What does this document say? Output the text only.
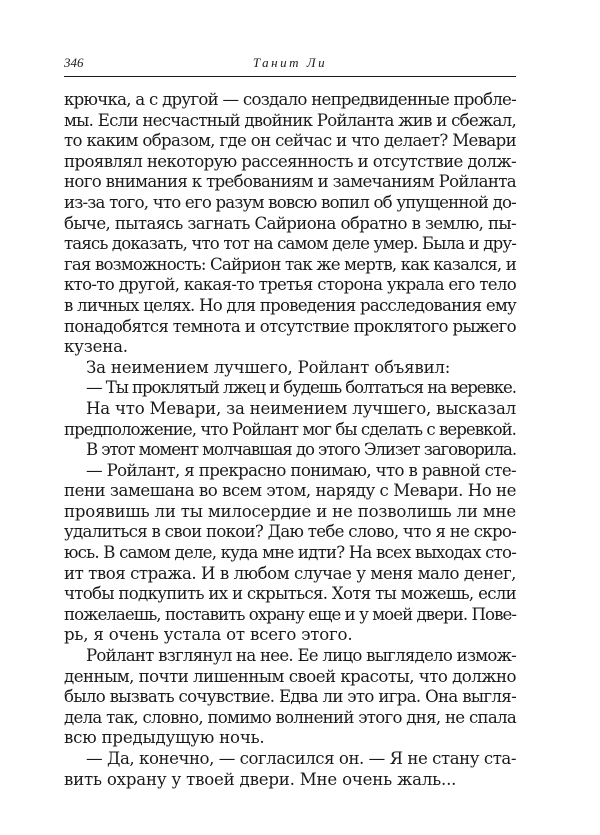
346	Танит Ли
крючка, а с другой — создало непредвиденные пробле-
мы. Если несчастный двойник Ройланта жив и сбежал,
то каким образом, где он сейчас и что делает? Мевари
проявлял некоторую рассеянность и отсутствие долж-
ного внимания к требованиям и замечаниям Ройланта
из-за того, что его разум вовсю вопил об упущенной до-
быче, пытаясь загнать Сайриона обратно в землю, пы-
таясь доказать, что тот на самом деле умер. Была и дру-
гая возможность: Сайрион так же мертв, как казался, и
кто-то другой, какая-то третья сторона украла его тело
в личных целях. Но для проведения расследования ему
понадобятся темнота и отсутствие проклятого рыжего
кузена.
За неимением лучшего, Ройлант объявил:
— Ты проклятый лжец и будешь болтаться на веревке.
На что Мевари, за неимением лучшего, высказал
предположение, что Ройлант мог бы сделать с веревкой.
В этот момент молчавшая до этого Элизет заговорила.
— Ройлант, я прекрасно понимаю, что в равной сте-
пени замешана во всем этом, наряду с Мевари. Но не
проявишь ли ты милосердие и не позволишь ли мне
удалиться в свои покои? Даю тебе слово, что я не скро-
юсь. В самом деле, куда мне идти? На всех выходах сто-
ит твоя стража. И в любом случае у меня мало денег,
чтобы подкупить их и скрыться. Хотя ты можешь, если
пожелаешь, поставить охрану еще и у моей двери. Пове-
рь, я очень устала от всего этого.
Ройлант взглянул на нее. Ее лицо выглядело измож-
денным, почти лишенным своей красоты, что должно
было вызвать сочувствие. Едва ли это игра. Она выгля-
дела так, словно, помимо волнений этого дня, не спала
всю предыдущую ночь.
— Да, конечно, — согласился он. — Я не стану ста-
вить охрану у твоей двери. Мне очень жаль...
